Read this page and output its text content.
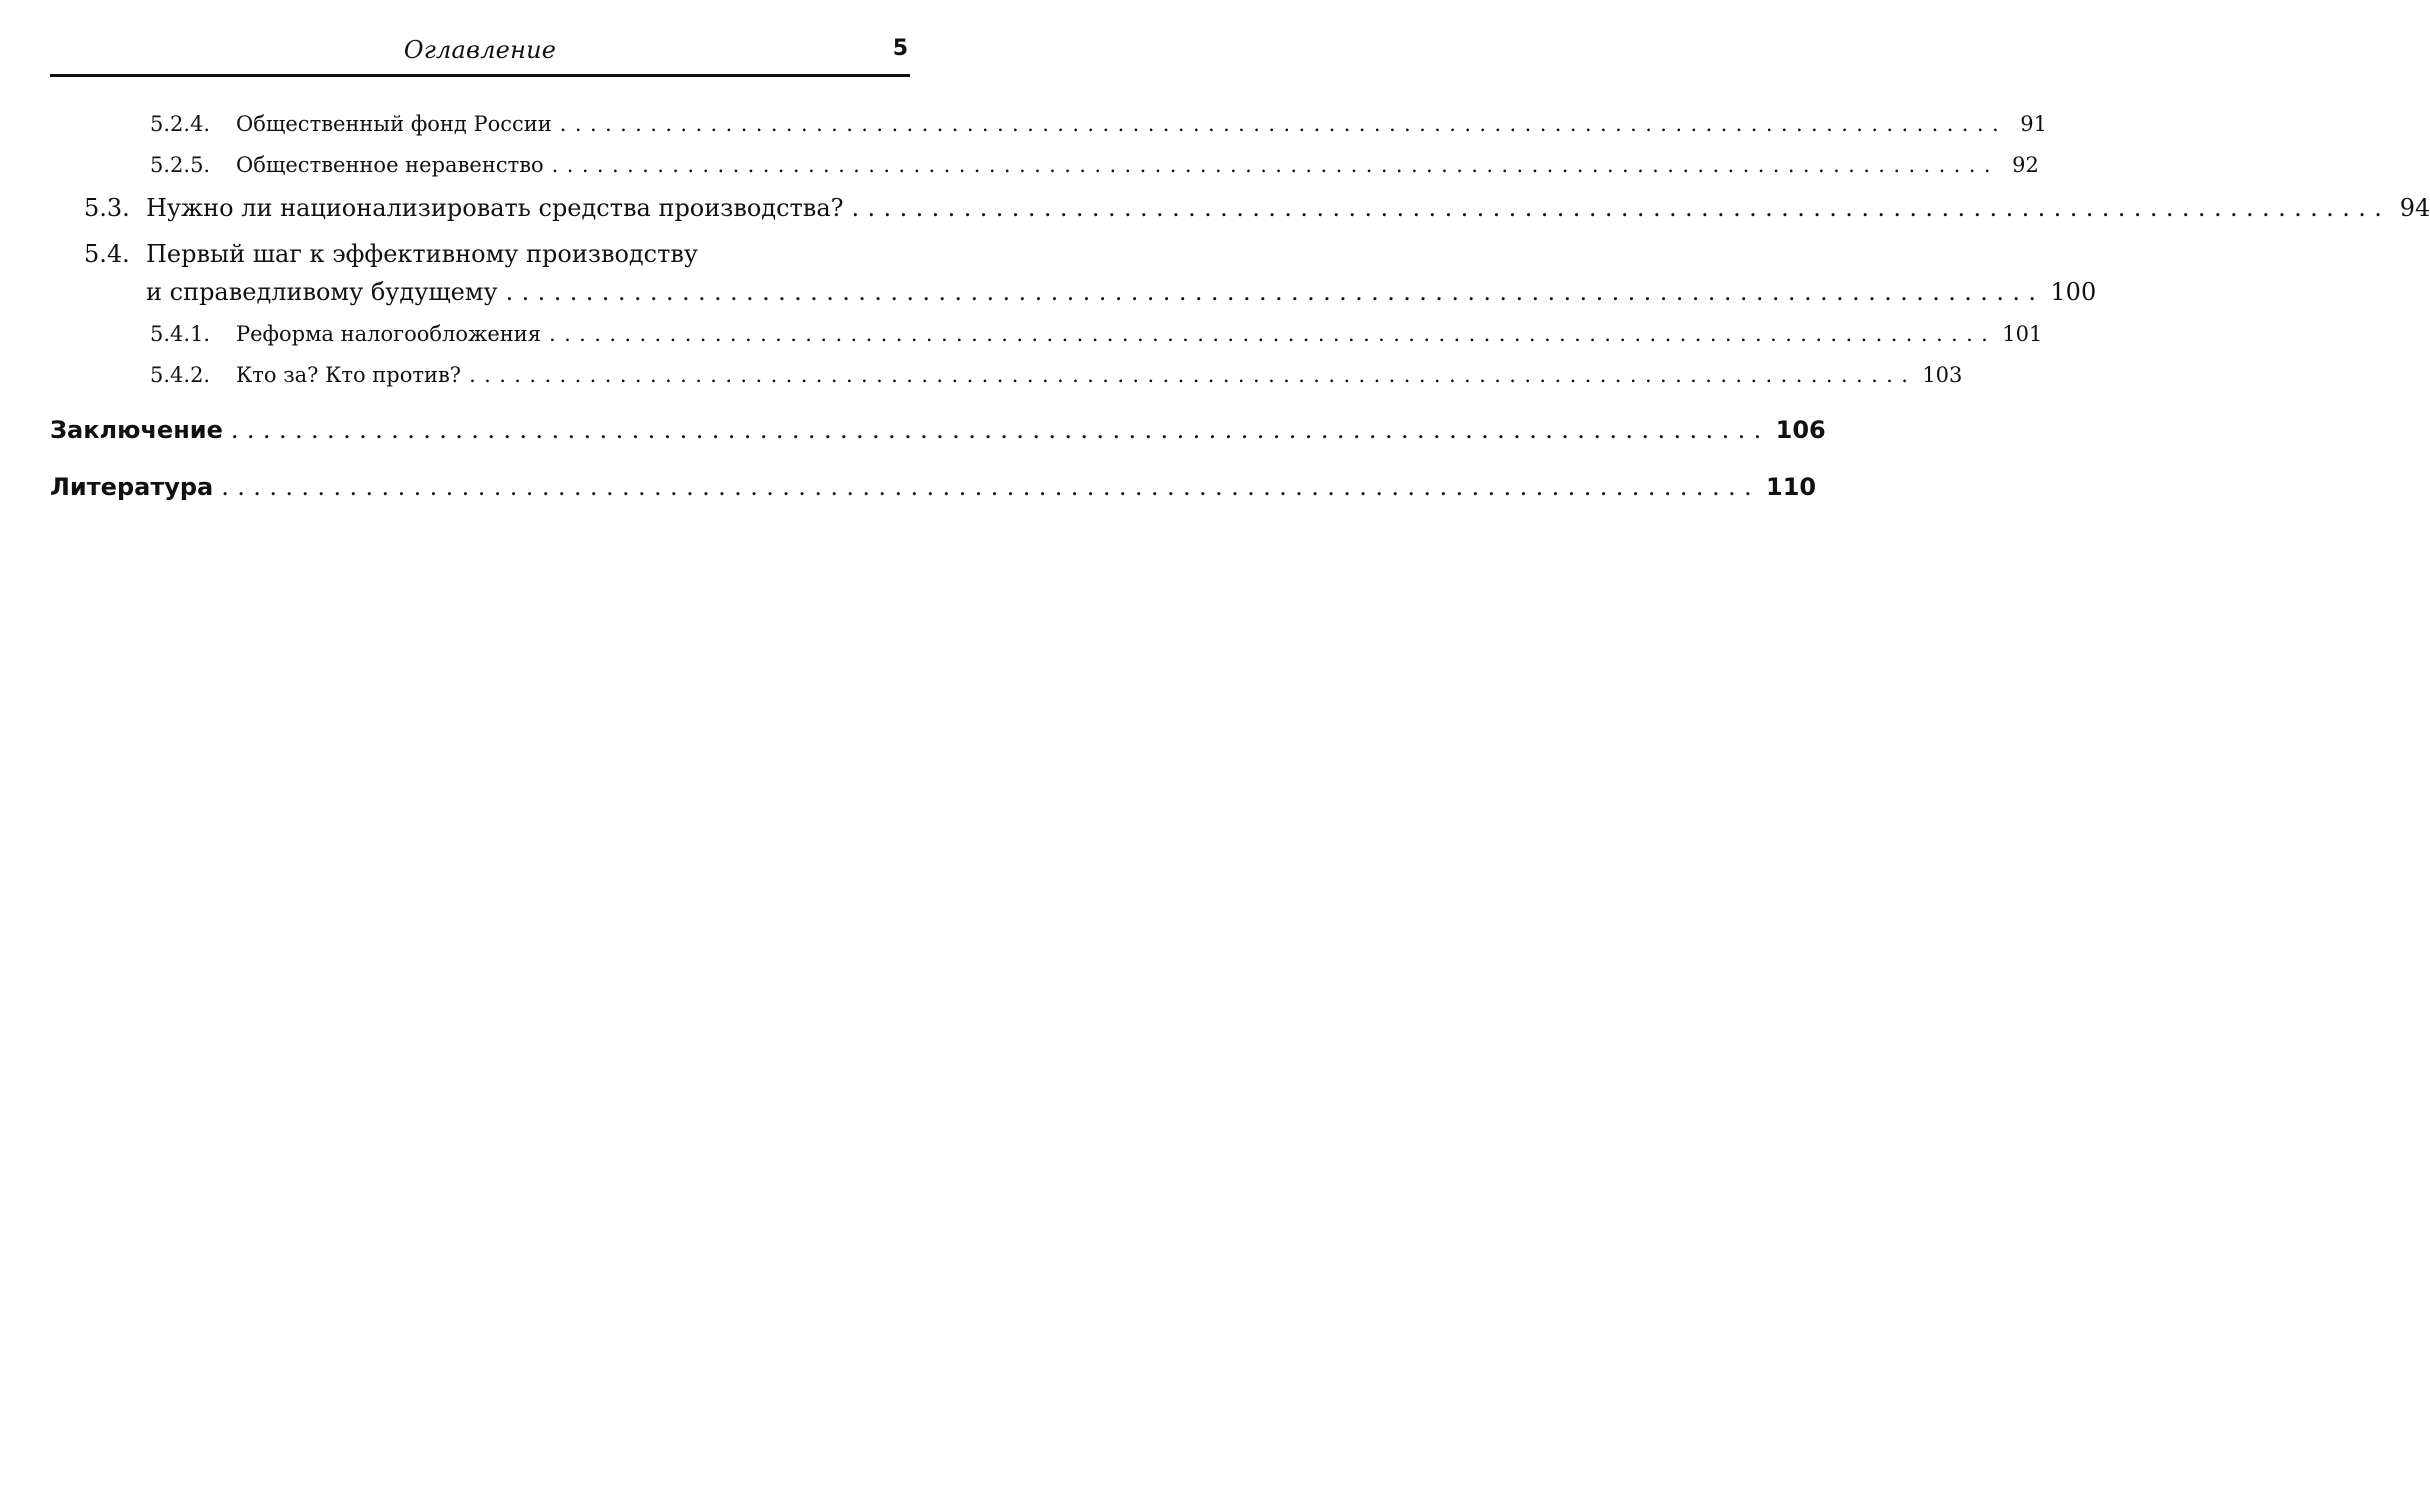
Оглавление	5
5.2.4.	Общественный фонд России ................................................................................................ 91
5.2.5.	Общественное неравенство ................................................................................................ 92
5.3. Нужно ли национализировать средства производства? ................................................................................................ 94
5.4. Первый шаг к эффективному производству
и справедливому будущему ................................................................................................ 100
5.4.1.	Реформа налогообложения ................................................................................................ 101
5.4.2.	Кто за? Кто против? ................................................................................................ 103
Заключение ................................................................................................ 106
Литература ................................................................................................ 110
